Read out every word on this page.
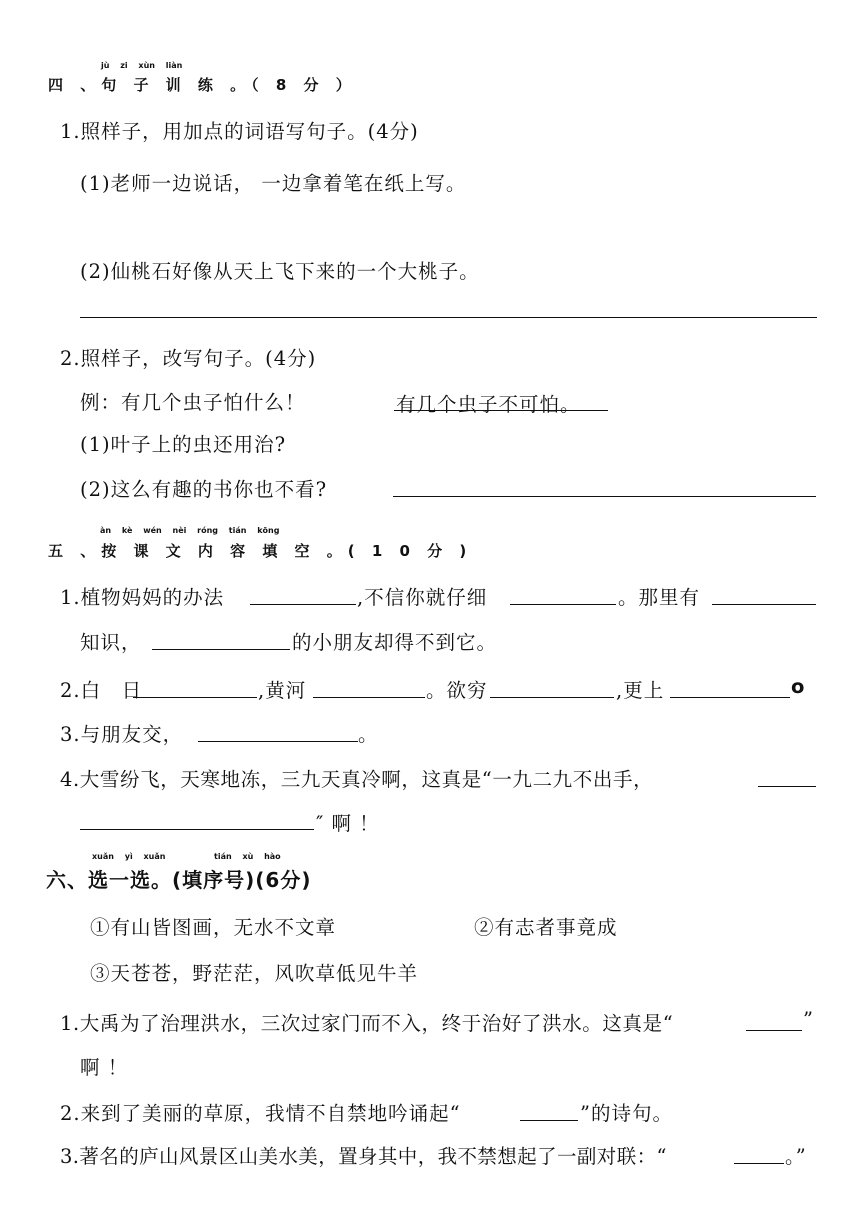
jù zi xùn liàn
四 、句 子 训 练 。（ 8 分 ）
1.照样子，用加点的词语写句子。(4分)
(1)老师一边说话， 一边拿着笔在纸上写。
(2)仙桃石好像从天上飞下来的一个大桃子。
2.照样子，改写句子。(4分)
例：有几个虫子怕什么！	有几个虫子不可怕。
(1)叶子上的虫还用治?
(2)这么有趣的书你也不看?
àn kè wén nèi róng tián kōng
五 、按 课 文 内 容 填 空 。( 1 0 分 )
1.植物妈妈的办法	,不信你就仔细	。那里有
知识，	的小朋友却得不到它。
2.白　日	,黄河	。欲穷	,更上	o
3.与朋友交，	。
4.大雪纷飞，天寒地冻，三九天真冷啊，这真是“一九二九不出手，
″ 啊 ！
xuǎn yì xuǎn	tián xù hào
六、选一选。(填序号)(6分)
①有山皆图画，无水不文章	②有志者事竟成
③天苍苍，野茫茫，风吹草低见牛羊
1.大禹为了治理洪水，三次过家门而不入，终于治好了洪水。这真是“	”
啊 ！
2.来到了美丽的草原，我情不自禁地吟诵起“	”的诗句。
3.著名的庐山风景区山美水美，置身其中，我不禁想起了一副对联：“	。”
